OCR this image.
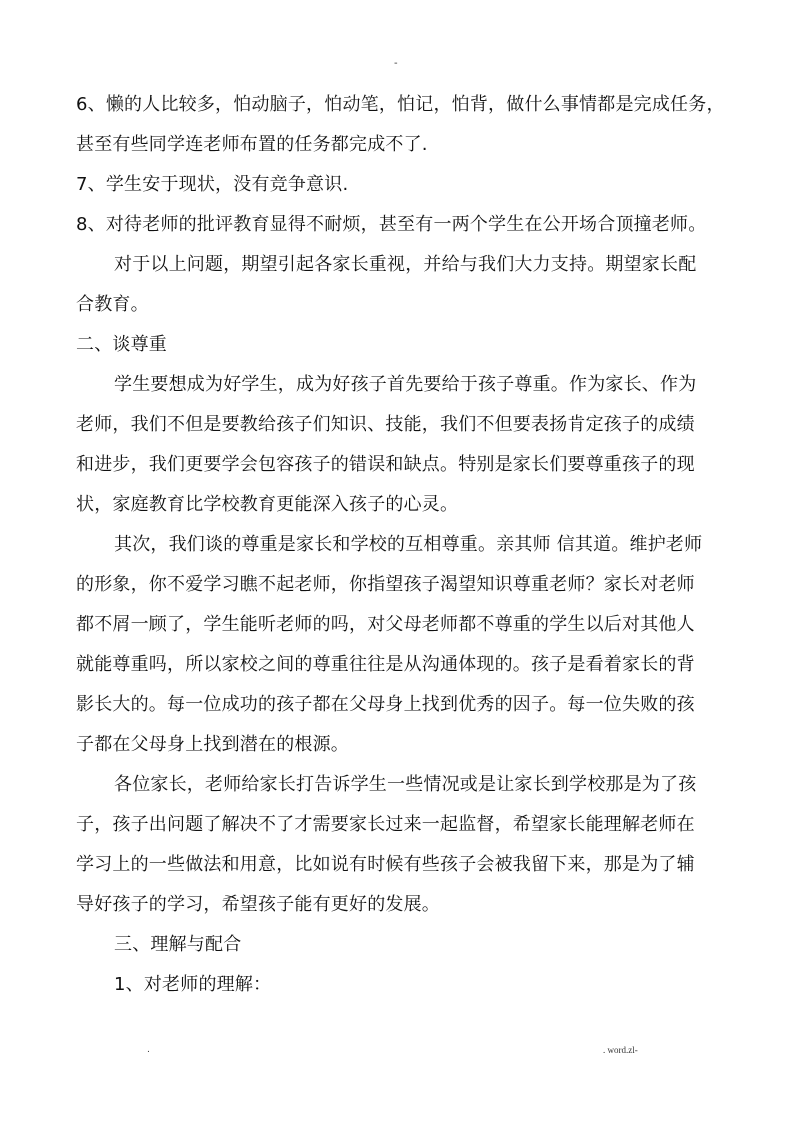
-
6、懒的人比较多，怕动脑子，怕动笔，怕记，怕背，做什么事情都是完成任务，
甚至有些同学连老师布置的任务都完成不了.
7、学生安于现状，没有竞争意识.
8、对待老师的批评教育显得不耐烦，甚至有一两个学生在公开场合顶撞老师。
对于以上问题，期望引起各家长重视，并给与我们大力支持。期望家长配
合教育。
二、谈尊重
学生要想成为好学生，成为好孩子首先要给于孩子尊重。作为家长、作为
老师，我们不但是要教给孩子们知识、技能，我们不但要表扬肯定孩子的成绩
和进步，我们更要学会包容孩子的错误和缺点。特别是家长们要尊重孩子的现
状，家庭教育比学校教育更能深入孩子的心灵。
其次，我们谈的尊重是家长和学校的互相尊重。亲其师 信其道。维护老师
的形象，你不爱学习瞧不起老师，你指望孩子渴望知识尊重老师？家长对老师
都不屑一顾了，学生能听老师的吗，对父母老师都不尊重的学生以后对其他人
就能尊重吗，所以家校之间的尊重往往是从沟通体现的。孩子是看着家长的背
影长大的。每一位成功的孩子都在父母身上找到优秀的因子。每一位失败的孩
子都在父母身上找到潜在的根源。
各位家长，老师给家长打告诉学生一些情况或是让家长到学校那是为了孩
子，孩子出问题了解决不了才需要家长过来一起监督，希望家长能理解老师在
学习上的一些做法和用意，比如说有时候有些孩子会被我留下来，那是为了辅
导好孩子的学习，希望孩子能有更好的发展。
三、理解与配合
1、对老师的理解：
.	. word.zl-
